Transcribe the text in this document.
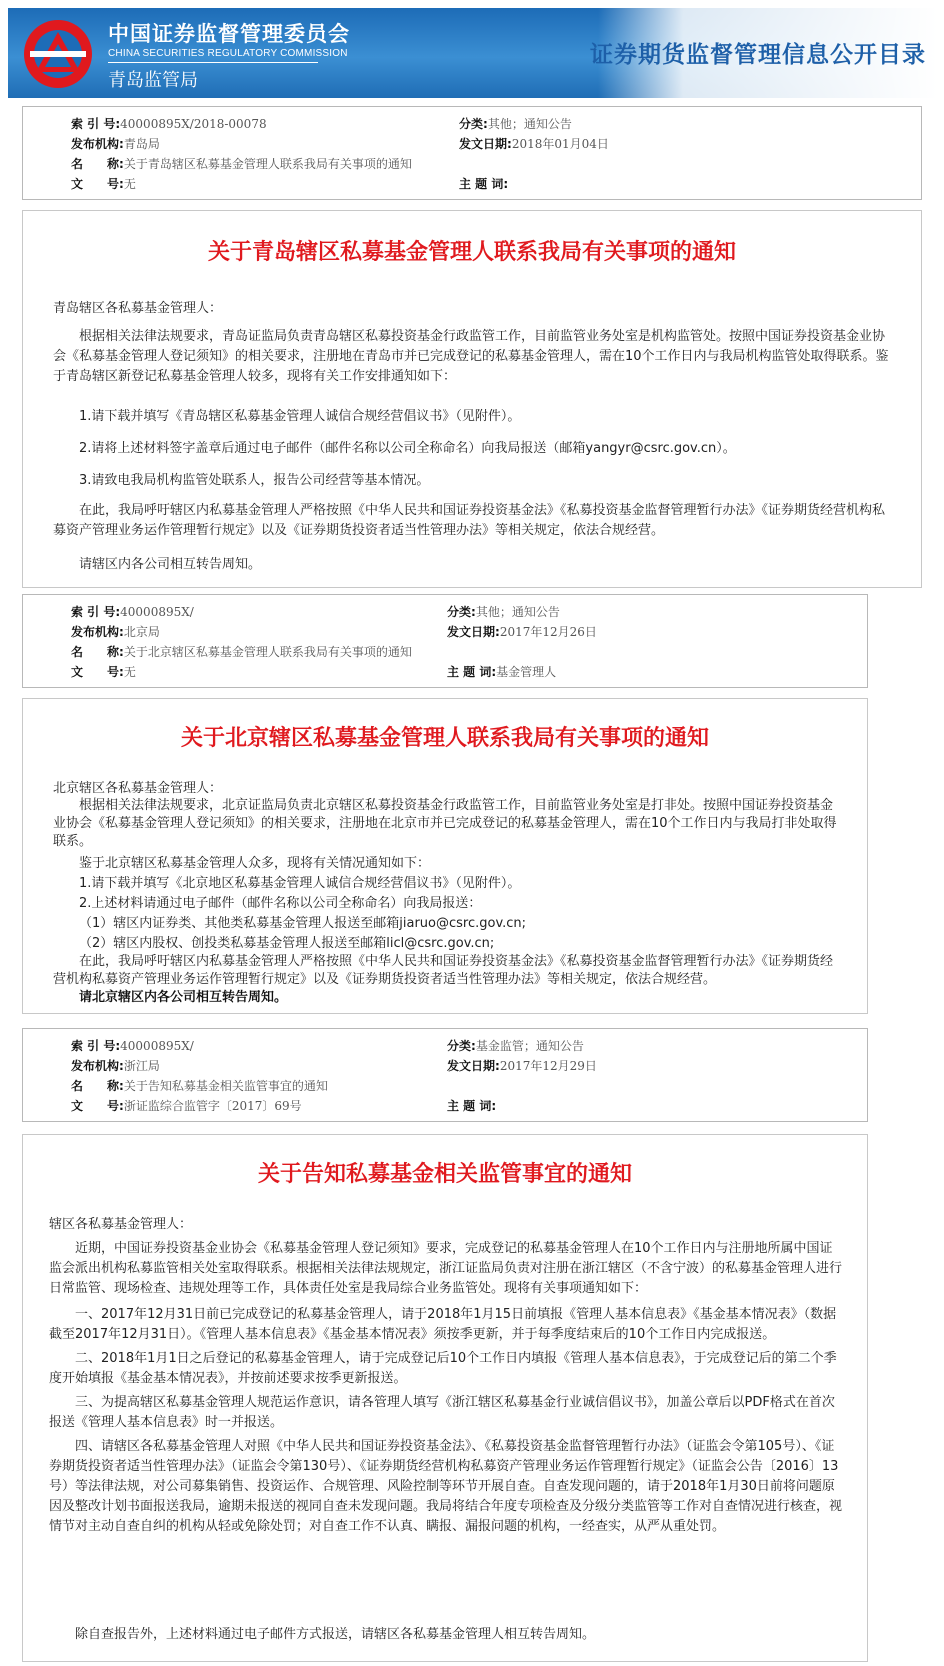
中国证券监督管理委员会
CHINA SECURITIES REGULATORY COMMISSION
青岛监管局
证券期货监督管理信息公开目录
索 引 号:40000895X/2018-00078	分类:其他；通知公告
发布机构:青岛局	发文日期:2018年01月04日
名　　称:关于青岛辖区私募基金管理人联系我局有关事项的通知
文　　号:无	主 题 词:
关于青岛辖区私募基金管理人联系我局有关事项的通知

青岛辖区各私募基金管理人：

根据相关法律法规要求，青岛证监局负责青岛辖区私募投资基金行政监管工作，目前监管业务处室是机构监管处。按照中国证券投资基金业协会《私募基金管理人登记须知》的相关要求，注册地在青岛市并已完成登记的私募基金管理人，需在10个工作日内与我局机构监管处取得联系。鉴于青岛辖区新登记私募基金管理人较多，现将有关工作安排通知如下：

1.请下载并填写《青岛辖区私募基金管理人诚信合规经营倡议书》（见附件）。

2.请将上述材料签字盖章后通过电子邮件（邮件名称以公司全称命名）向我局报送（邮箱yangyr@csrc.gov.cn）。

3.请致电我局机构监管处联系人，报告公司经营等基本情况。

在此，我局呼吁辖区内私募基金管理人严格按照《中华人民共和国证券投资基金法》《私募投资基金监督管理暂行办法》《证券期货经营机构私募资产管理业务运作管理暂行规定》以及《证券期货投资者适当性管理办法》等相关规定，依法合规经营。

请辖区内各公司相互转告周知。

索 引 号:40000895X/	分类:其他；通知公告
发布机构:北京局	发文日期:2017年12月26日
名　　称:关于北京辖区私募基金管理人联系我局有关事项的通知
文　　号:无	主 题 词:基金管理人
关于北京辖区私募基金管理人联系我局有关事项的通知

北京辖区各私募基金管理人：

根据相关法律法规要求，北京证监局负责北京辖区私募投资基金行政监管工作，目前监管业务处室是打非处。按照中国证券投资基金业协会《私募基金管理人登记须知》的相关要求，注册地在北京市并已完成登记的私募基金管理人，需在10个工作日内与我局打非处取得联系。

鉴于北京辖区私募基金管理人众多，现将有关情况通知如下：

1.请下载并填写《北京地区私募基金管理人诚信合规经营倡议书》（见附件）。

2.上述材料请通过电子邮件（邮件名称以公司全称命名）向我局报送：

（1）辖区内证券类、其他类私募基金管理人报送至邮箱jiaruo@csrc.gov.cn;

（2）辖区内股权、创投类私募基金管理人报送至邮箱licl@csrc.gov.cn;

在此，我局呼吁辖区内私募基金管理人严格按照《中华人民共和国证券投资基金法》《私募投资基金监督管理暂行办法》《证券期货经营机构私募资产管理业务运作管理暂行规定》以及《证券期货投资者适当性管理办法》等相关规定，依法合规经营。

请北京辖区内各公司相互转告周知。

索 引 号:40000895X/	分类:基金监管；通知公告
发布机构:浙江局	发文日期:2017年12月29日
名　　称:关于告知私募基金相关监管事宜的通知
文　　号:浙证监综合监管字〔2017〕69号	主 题 词:
关于告知私募基金相关监管事宜的通知

辖区各私募基金管理人：

近期，中国证券投资基金业协会《私募基金管理人登记须知》要求，完成登记的私募基金管理人在10个工作日内与注册地所属中国证监会派出机构私募监管相关处室取得联系。根据相关法律法规规定，浙江证监局负责对注册在浙江辖区（不含宁波）的私募基金管理人进行日常监管、现场检查、违规处理等工作，具体责任处室是我局综合业务监管处。现将有关事项通知如下：

一、2017年12月31日前已完成登记的私募基金管理人，请于2018年1月15日前填报《管理人基本信息表》《基金基本情况表》（数据截至2017年12月31日）。《管理人基本信息表》《基金基本情况表》须按季更新，并于每季度结束后的10个工作日内完成报送。

二、2018年1月1日之后登记的私募基金管理人，请于完成登记后10个工作日内填报《管理人基本信息表》，于完成登记后的第二个季度开始填报《基金基本情况表》，并按前述要求按季更新报送。

三、为提高辖区私募基金管理人规范运作意识，请各管理人填写《浙江辖区私募基金行业诚信倡议书》，加盖公章后以PDF格式在首次报送《管理人基本信息表》时一并报送。

四、请辖区各私募基金管理人对照《中华人民共和国证券投资基金法》、《私募投资基金监督管理暂行办法》（证监会令第105号）、《证券期货投资者适当性管理办法》（证监会令第130号）、《证券期货经营机构私募资产管理业务运作管理暂行规定》（证监会公告〔2016〕13号）等法律法规，对公司募集销售、投资运作、合规管理、风险控制等环节开展自查。自查发现问题的，请于2018年1月30日前将问题原因及整改计划书面报送我局，逾期未报送的视同自查未发现问题。我局将结合年度专项检查及分级分类监管等工作对自查情况进行核查，视情节对主动自查自纠的机构从轻或免除处罚；对自查工作不认真、瞒报、漏报问题的机构，一经查实，从严从重处罚。

除自查报告外，上述材料通过电子邮件方式报送，请辖区各私募基金管理人相互转告周知。
